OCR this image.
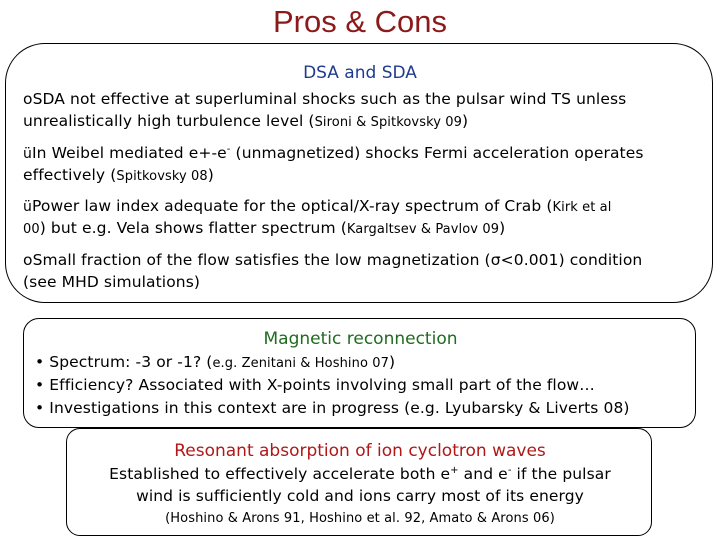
Pros & Cons
DSA and SDA
oSDA not effective at superluminal shocks such as the pulsar wind TS unless
unrealistically high turbulence level (Sironi & Spitkovsky 09)
üIn Weibel mediated e+-e- (unmagnetized) shocks Fermi acceleration operates
effectively (Spitkovsky 08)
üPower law index adequate for the optical/X-ray spectrum of Crab (Kirk et al
00) but e.g. Vela shows flatter spectrum (Kargaltsev & Pavlov 09)
oSmall fraction of the flow satisfies the low magnetization (σ<0.001) condition
(see MHD simulations)
Magnetic reconnection
• Spectrum: -3 or -1? (e.g. Zenitani & Hoshino 07)
• Efficiency? Associated with X-points involving small part of the flow…
• Investigations in this context are in progress (e.g. Lyubarsky & Liverts 08)
Resonant absorption of ion cyclotron waves
Established to effectively accelerate both e+ and e- if the pulsar
wind is sufficiently cold and ions carry most of its energy
(Hoshino & Arons 91, Hoshino et al. 92, Amato & Arons 06)
